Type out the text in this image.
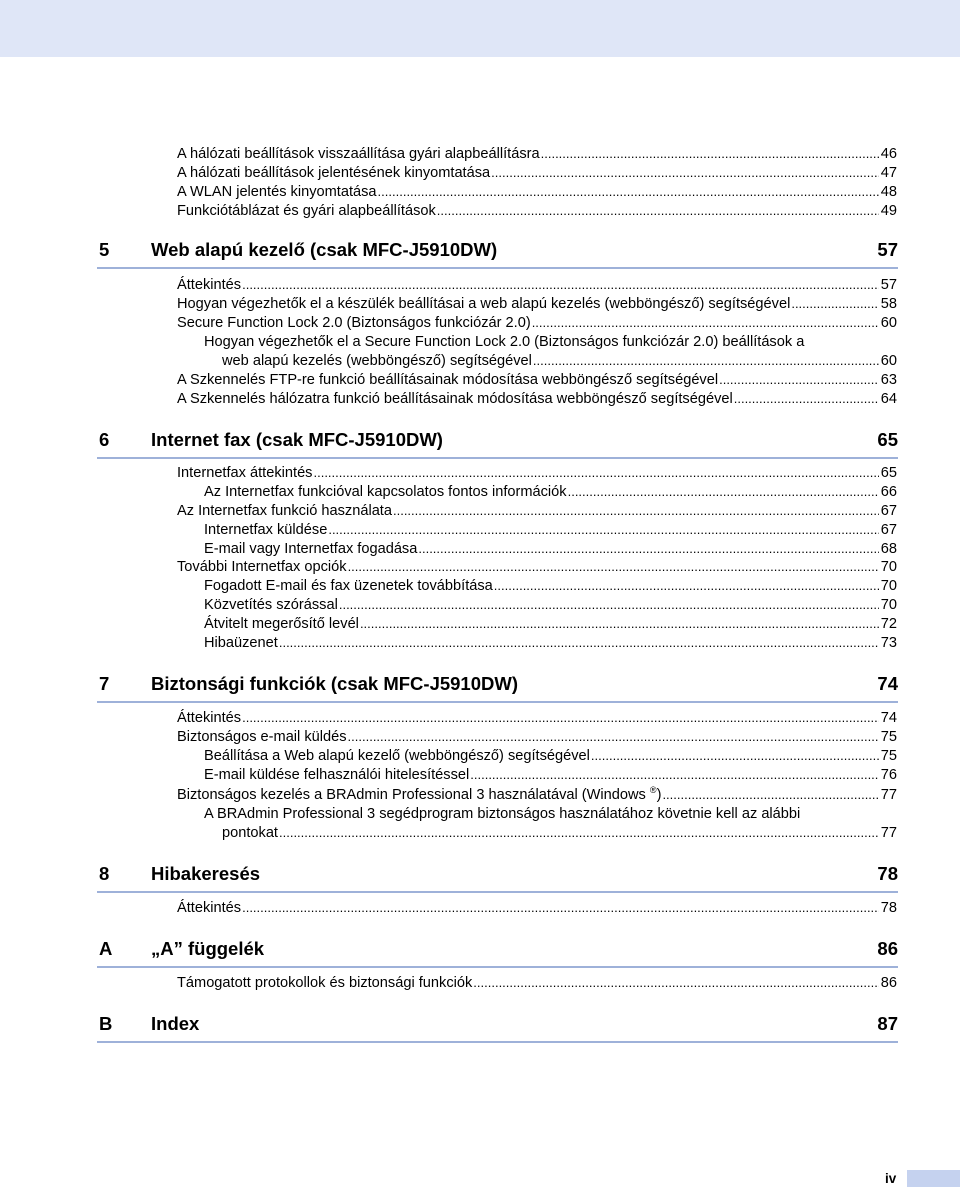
A hálózati beállítások visszaállítása gyári alapbeállításra .....	46
A hálózati beállítások jelentésének kinyomtatása .....	47
A WLAN jelentés kinyomtatása .....	48
Funkciótáblázat és gyári alapbeállítások .....	49
5 Web alapú kezelő (csak MFC-J5910DW)	57
Áttekintés .....	57
Hogyan végezhetők el a készülék beállításai a web alapú kezelés (webböngésző) segítségével .....	58
Secure Function Lock 2.0 (Biztonságos funkciózár 2.0) .....	60
Hogyan végezhetők el a Secure Function Lock 2.0 (Biztonságos funkciózár 2.0) beállítások a
web alapú kezelés (webböngésző) segítségével .....	60
A Szkennelés FTP-re funkció beállításainak módosítása webböngésző segítségével .....	63
A Szkennelés hálózatra funkció beállításainak módosítása webböngésző segítségével .....	64
6 Internet fax (csak MFC-J5910DW)	65
Internetfax áttekintés .....	65
Az Internetfax funkcióval kapcsolatos fontos információk .....	66
Az Internetfax funkció használata .....	67
Internetfax küldése .....	67
E-mail vagy Internetfax fogadása .....	68
További Internetfax opciók .....	70
Fogadott E-mail és fax üzenetek továbbítása .....	70
Közvetítés szórással .....	70
Átvitelt megerősítő levél .....	72
Hibaüzenet .....	73
7 Biztonsági funkciók (csak MFC-J5910DW)	74
Áttekintés .....	74
Biztonságos e-mail küldés .....	75
Beállítása a Web alapú kezelő (webböngésző) segítségével .....	75
E-mail küldése felhasználói hitelesítéssel .....	76
Biztonságos kezelés a BRAdmin Professional 3 használatával (Windows ®) .....	77
A BRAdmin Professional 3 segédprogram biztonságos használatához követnie kell az alábbi
pontokat .....	77
8 Hibakeresés	78
Áttekintés .....	78
A „A” függelék	86
Támogatott protokollok és biztonsági funkciók .....	86
B Index	87
iv
